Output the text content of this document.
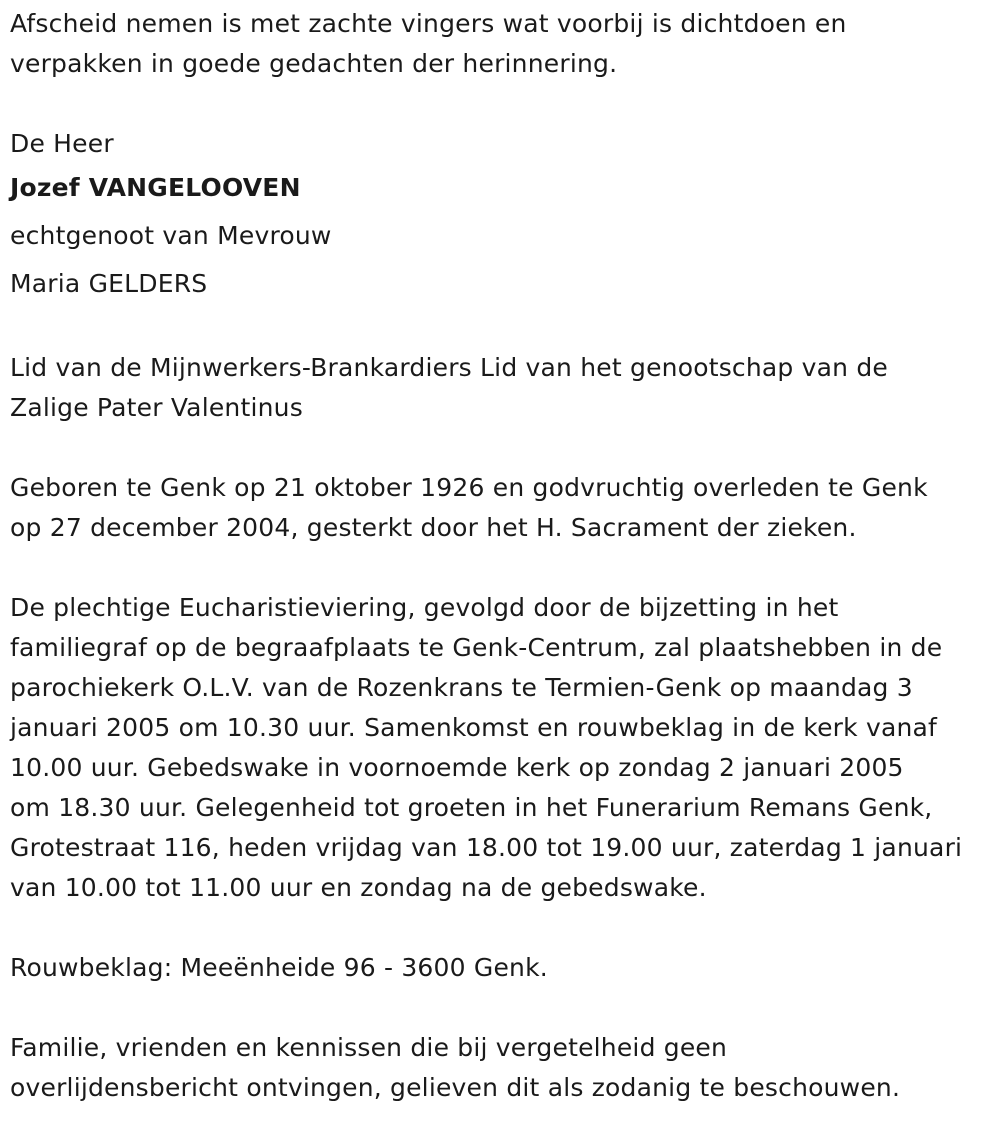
Afscheid nemen is met zachte vingers wat voorbij is dichtdoen en
verpakken in goede gedachten der herinnering.

De Heer

Jozef VANGELOOVEN

echtgenoot van Mevrouw

Maria GELDERS

Lid van de Mijnwerkers-Brankardiers Lid van het genootschap van de
Zalige Pater Valentinus

Geboren te Genk op 21 oktober 1926 en godvruchtig overleden te Genk
op 27 december 2004, gesterkt door het H. Sacrament der zieken.

De plechtige Eucharistieviering, gevolgd door de bijzetting in het
familiegraf op de begraafplaats te Genk-Centrum, zal plaatshebben in de
parochiekerk O.L.V. van de Rozenkrans te Termien-Genk op maandag 3
januari 2005 om 10.30 uur. Samenkomst en rouwbeklag in de kerk vanaf
10.00 uur. Gebedswake in voornoemde kerk op zondag 2 januari 2005
om 18.30 uur. Gelegenheid tot groeten in het Funerarium Remans Genk,
Grotestraat 116, heden vrijdag van 18.00 tot 19.00 uur, zaterdag 1 januari
van 10.00 tot 11.00 uur en zondag na de gebedswake.

Rouwbeklag: Meeënheide 96 - 3600 Genk.

Familie, vrienden en kennissen die bij vergetelheid geen
overlijdensbericht ontvingen, gelieven dit als zodanig te beschouwen.
